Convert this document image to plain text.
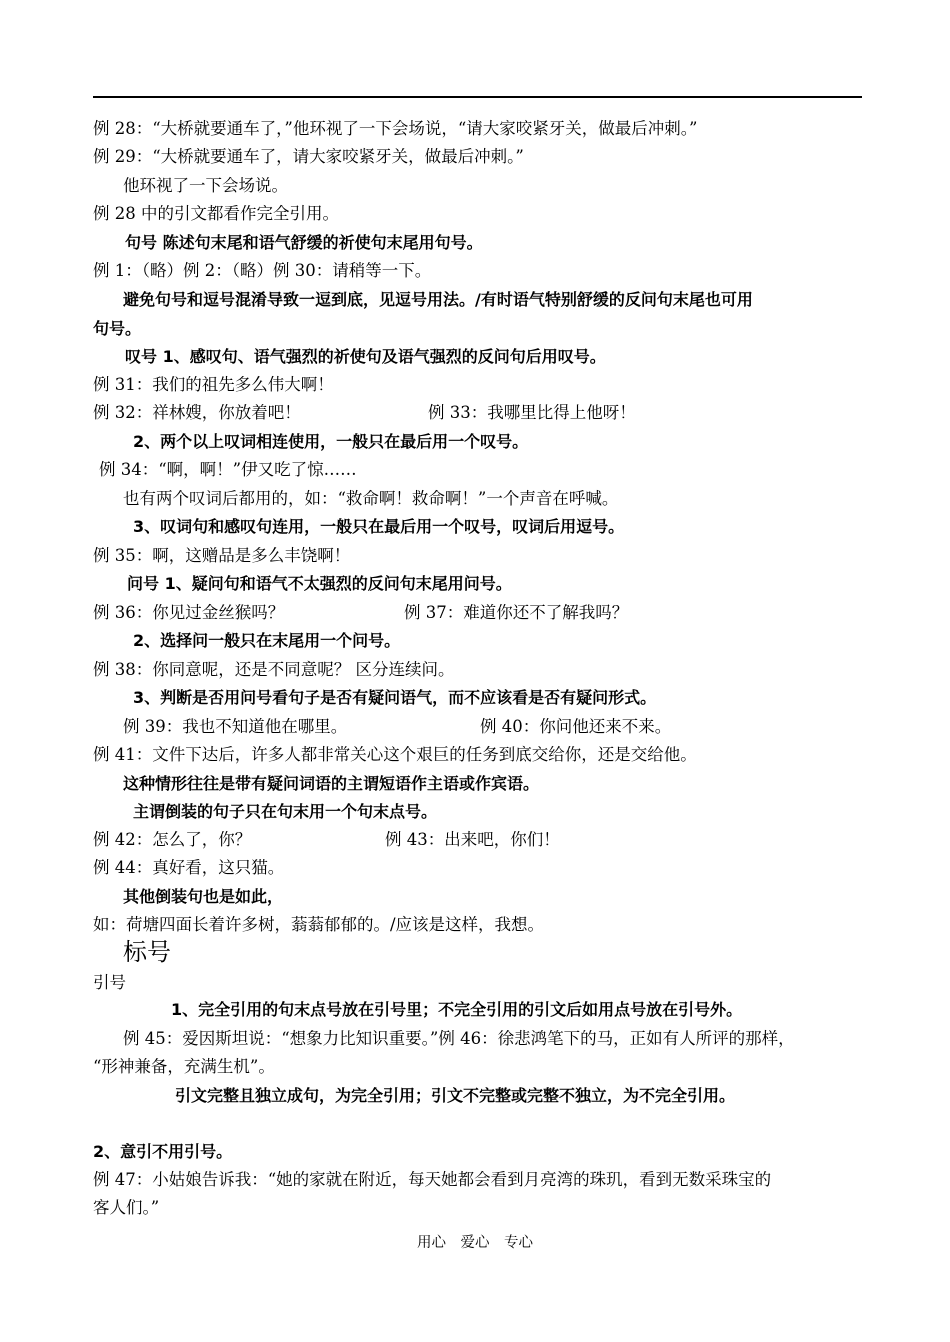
例 28：“大桥就要通车了，”他环视了一下会场说，“请大家咬紧牙关，做最后冲刺。”
例 29：“大桥就要通车了，请大家咬紧牙关，做最后冲刺。”
他环视了一下会场说。
例 28 中的引文都看作完全引用。
句号 陈述句末尾和语气舒缓的祈使句末尾用句号。
例 1：（略）例 2：（略）例 30：请稍等一下。
避免句号和逗号混淆导致一逗到底，见逗号用法。/有时语气特别舒缓的反问句末尾也可用
句号。
叹号 1、感叹句、语气强烈的祈使句及语气强烈的反问句后用叹号。
例 31：我们的祖先多么伟大啊！
例 32：祥林嫂，你放着吧！	例 33：我哪里比得上他呀！
2、两个以上叹词相连使用，一般只在最后用一个叹号。
例 34：“啊，啊！”伊又吃了惊……
也有两个叹词后都用的，如：“救命啊！救命啊！”一个声音在呼喊。
3、叹词句和感叹句连用，一般只在最后用一个叹号，叹词后用逗号。
例 35：啊，这赠品是多么丰饶啊！
问号 1、疑问句和语气不太强烈的反问句末尾用问号。
例 36：你见过金丝猴吗？	例 37：难道你还不了解我吗？
2、选择问一般只在末尾用一个问号。
例 38：你同意呢，还是不同意呢？ 区分连续问。
3、判断是否用问号看句子是否有疑问语气，而不应该看是否有疑问形式。
例 39：我也不知道他在哪里。	例 40：你问他还来不来。
例 41：文件下达后，许多人都非常关心这个艰巨的任务到底交给你，还是交给他。
这种情形往往是带有疑问词语的主谓短语作主语或作宾语。
主谓倒装的句子只在句末用一个句末点号。
例 42：怎么了，你？	例 43：出来吧，你们！
例 44：真好看，这只猫。
其他倒装句也是如此，
如：荷塘四面长着许多树，蓊蓊郁郁的。/应该是这样，我想。
标号
引号
1、完全引用的句末点号放在引号里；不完全引用的引文后如用点号放在引号外。
例 45：爱因斯坦说：“想象力比知识重要。”例 46：徐悲鸿笔下的马，正如有人所评的那样，
“形神兼备，充满生机”。
引文完整且独立成句，为完全引用；引文不完整或完整不独立，为不完全引用。
2、意引不用引号。
例 47：小姑娘告诉我：“她的家就在附近，每天她都会看到月亮湾的珠玑，看到无数采珠宝的
客人们。”
用心　爱心　专心
